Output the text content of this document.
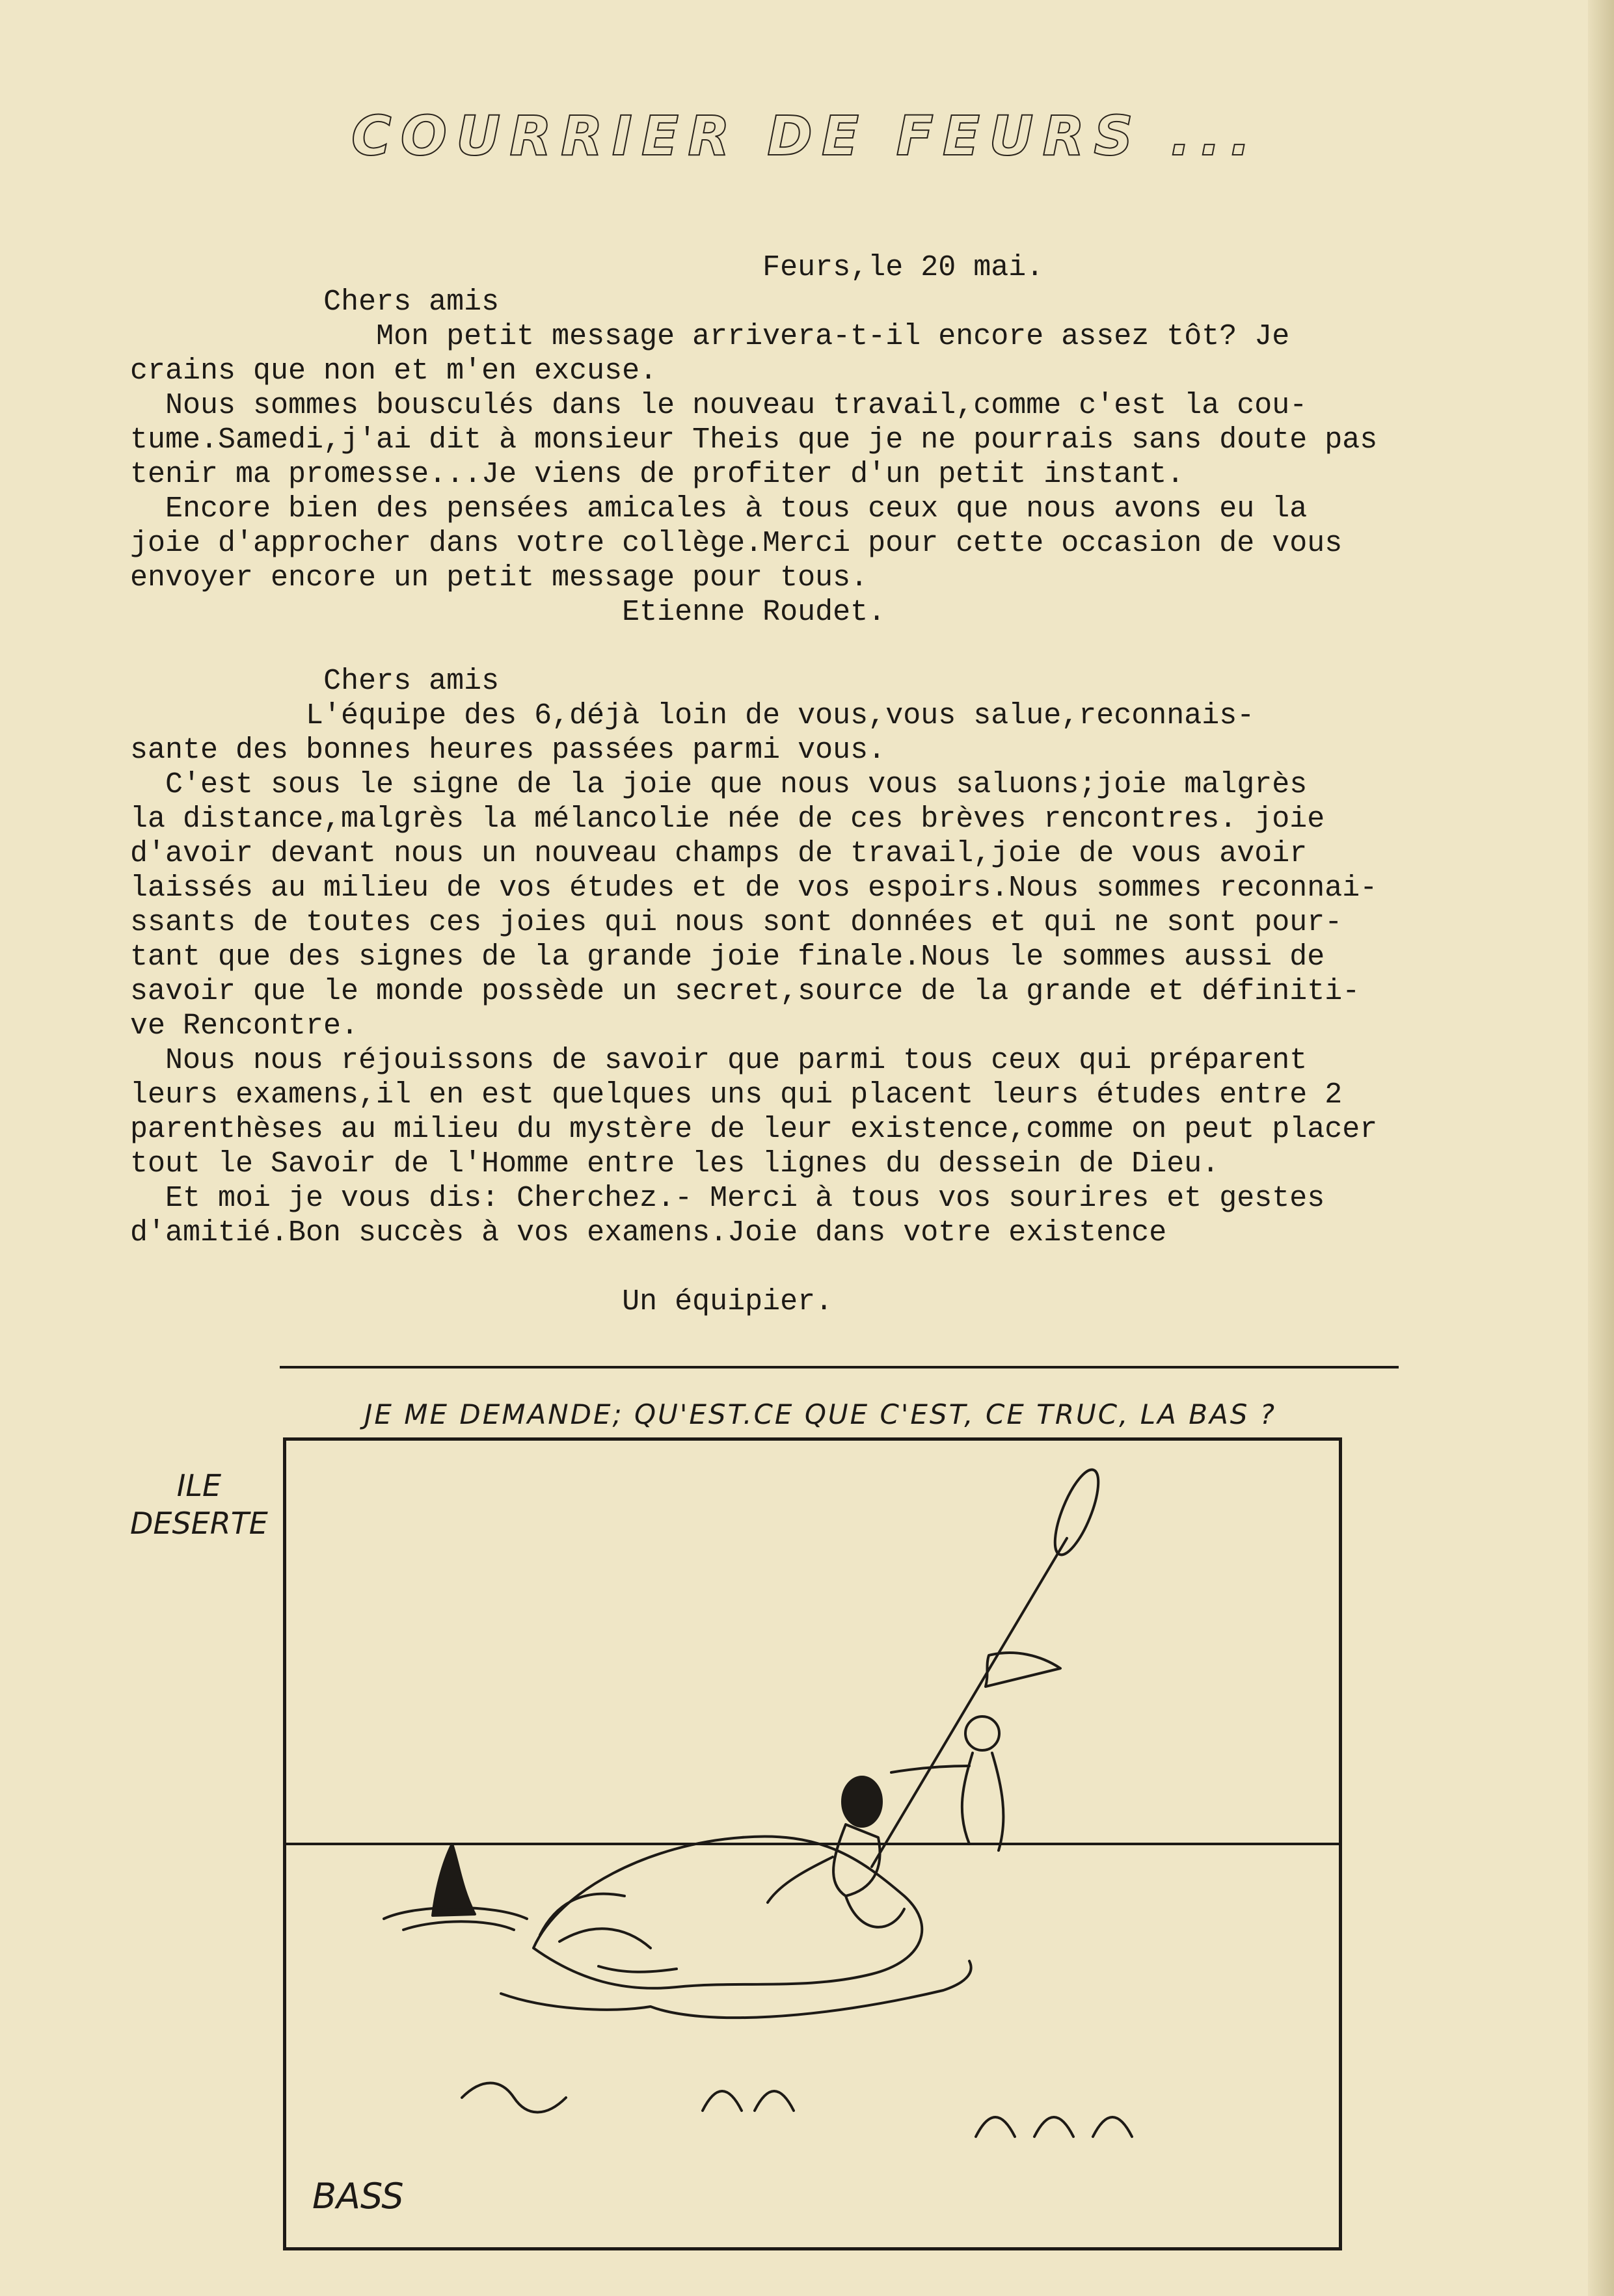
COURRIER DE FEURS ...
Feurs,le 20 mai.
Chers amis
Mon petit message arrivera-t-il encore assez tôt? Je
crains que non et m'en excuse.
Nous sommes bousculés dans le nouveau travail,comme c'est la cou-
tume.Samedi,j'ai dit à monsieur Theis que je ne pourrais sans doute pas
tenir ma promesse...Je viens de profiter d'un petit instant.
Encore bien des pensées amicales à tous ceux que nous avons eu la
joie d'approcher dans votre collège.Merci pour cette occasion de vous
envoyer encore un petit message pour tous.
Etienne Roudet.
Chers amis
L'équipe des 6,déjà loin de vous,vous salue,reconnais-
sante des bonnes heures passées parmi vous.
C'est sous le signe de la joie que nous vous saluons;joie malgrès
la distance,malgrès la mélancolie née de ces brèves rencontres. joie
d'avoir devant nous un nouveau champs de travail,joie de vous avoir
laissés au milieu de vos études et de vos espoirs.Nous sommes reconnai-
ssants de toutes ces joies qui nous sont données et qui ne sont pour-
tant que des signes de la grande joie finale.Nous le sommes aussi de
savoir que le monde possède un secret,source de la grande et définiti-
ve Rencontre.
Nous nous réjouissons de savoir que parmi tous ceux qui préparent
leurs examens,il en est quelques uns qui placent leurs études entre 2
parenthèses au milieu du mystère de leur existence,comme on peut placer
tout le Savoir de l'Homme entre les lignes du dessein de Dieu.
Et moi je vous dis: Cherchez.- Merci à tous vos sourires et gestes
d'amitié.Bon succès à vos examens.Joie dans votre existence
Un équipier.
JE ME DEMANDE; QU'EST.CE QUE C'EST, CE TRUC, LA BAS ?
ILE
DESERTE
BASS
